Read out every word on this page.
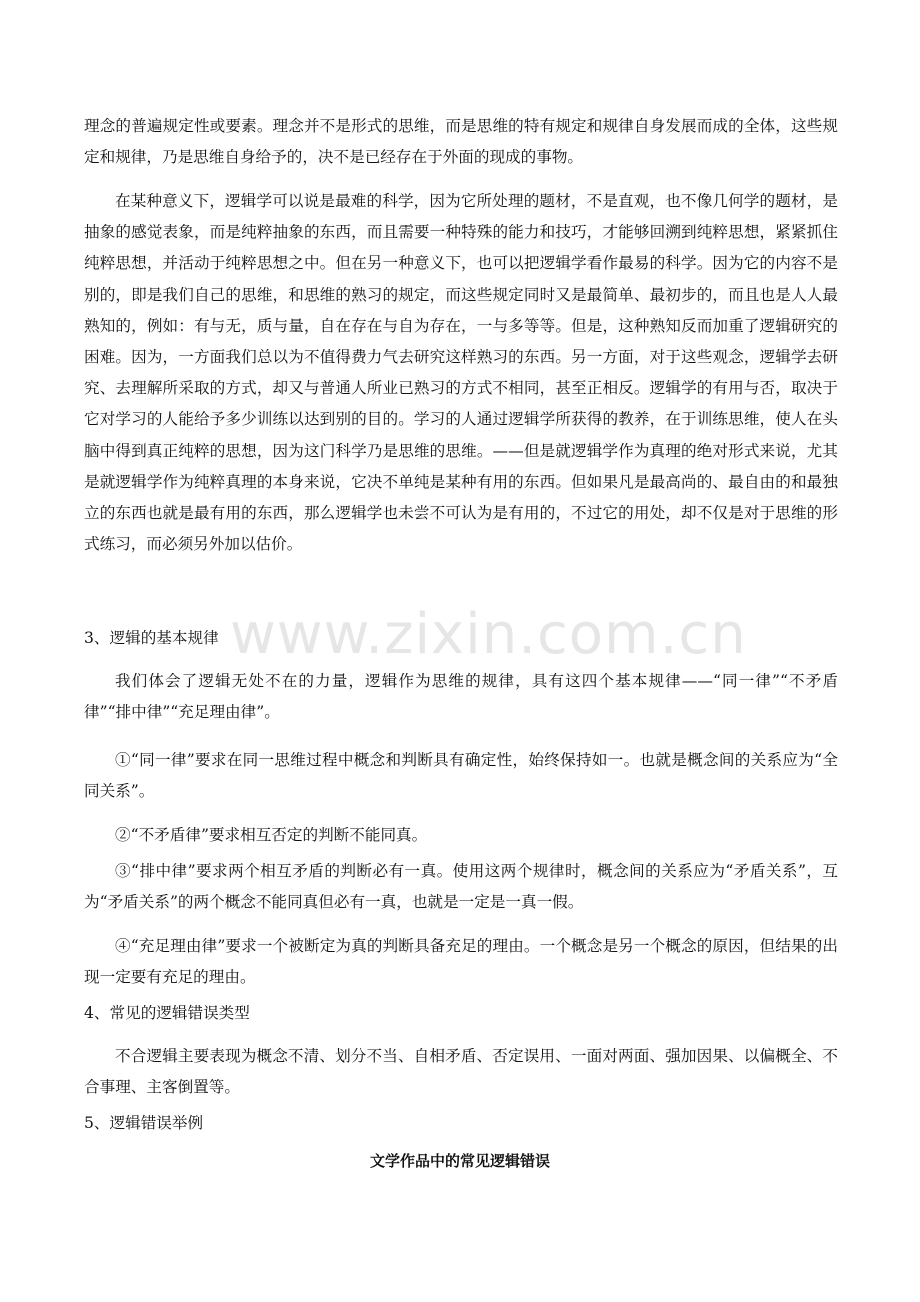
理念的普遍规定性或要素。理念并不是形式的思维，而是思维的特有规定和规律自身发展而成的全体，这些规定和规律，乃是思维自身给予的，决不是已经存在于外面的现成的事物。

在某种意义下，逻辑学可以说是最难的科学，因为它所处理的题材，不是直观，也不像几何学的题材，是抽象的感觉表象，而是纯粹抽象的东西，而且需要一种特殊的能力和技巧，才能够回溯到纯粹思想，紧紧抓住纯粹思想，并活动于纯粹思想之中。但在另一种意义下，也可以把逻辑学看作最易的科学。因为它的内容不是别的，即是我们自己的思维，和思维的熟习的规定，而这些规定同时又是最简单、最初步的，而且也是人人最熟知的，例如：有与无，质与量，自在存在与自为存在，一与多等等。但是，这种熟知反而加重了逻辑研究的困难。因为，一方面我们总以为不值得费力气去研究这样熟习的东西。另一方面，对于这些观念，逻辑学去研究、去理解所采取的方式，却又与普通人所业已熟习的方式不相同，甚至正相反。逻辑学的有用与否，取决于它对学习的人能给予多少训练以达到别的目的。学习的人通过逻辑学所获得的教养，在于训练思维，使人在头脑中得到真正纯粹的思想，因为这门科学乃是思维的思维。——但是就逻辑学作为真理的绝对形式来说，尤其是就逻辑学作为纯粹真理的本身来说，它决不单纯是某种有用的东西。但如果凡是最高尚的、最自由的和最独立的东西也就是最有用的东西，那么逻辑学也未尝不可认为是有用的，不过它的用处，却不仅是对于思维的形式练习，而必须另外加以估价。

3、逻辑的基本规律

我们体会了逻辑无处不在的力量，逻辑作为思维的规律，具有这四个基本规律——“同一律”“不矛盾律”“排中律”“充足理由律”。

①“同一律”要求在同一思维过程中概念和判断具有确定性，始终保持如一。也就是概念间的关系应为“全同关系”。

②“不矛盾律”要求相互否定的判断不能同真。

③“排中律”要求两个相互矛盾的判断必有一真。使用这两个规律时，概念间的关系应为“矛盾关系”，互为“矛盾关系”的两个概念不能同真但必有一真，也就是一定是一真一假。

④“充足理由律”要求一个被断定为真的判断具备充足的理由。一个概念是另一个概念的原因，但结果的出现一定要有充足的理由。

4、常见的逻辑错误类型

不合逻辑主要表现为概念不清、划分不当、自相矛盾、否定误用、一面对两面、强加因果、以偏概全、不合事理、主客倒置等。

5、逻辑错误举例

文学作品中的常见逻辑错误

www.zixin.com.cn
